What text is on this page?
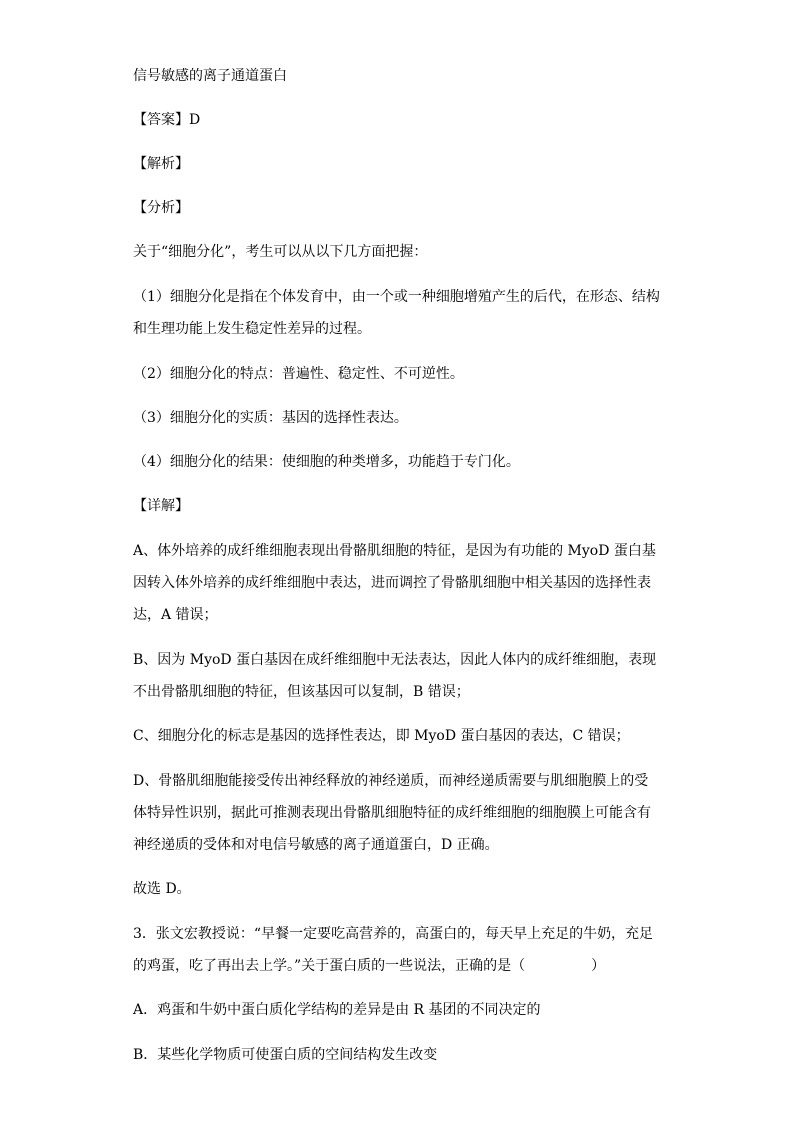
信号敏感的离子通道蛋白
【答案】D
【解析】
【分析】
关于“细胞分化”，考生可以从以下几方面把握：
（1）细胞分化是指在个体发育中，由一个或一种细胞增殖产生的后代，在形态、结构
和生理功能上发生稳定性差异的过程。
（2）细胞分化的特点：普遍性、稳定性、不可逆性。
（3）细胞分化的实质：基因的选择性表达。
（4）细胞分化的结果：使细胞的种类增多，功能趋于专门化。
【详解】
A、体外培养的成纤维细胞表现出骨骼肌细胞的特征，是因为有功能的 MyoD 蛋白基
因转入体外培养的成纤维细胞中表达，进而调控了骨骼肌细胞中相关基因的选择性表
达，A 错误；
B、因为 MyoD 蛋白基因在成纤维细胞中无法表达，因此人体内的成纤维细胞，表现
不出骨骼肌细胞的特征，但该基因可以复制，B 错误；
C、细胞分化的标志是基因的选择性表达，即 MyoD 蛋白基因的表达，C 错误；
D、骨骼肌细胞能接受传出神经释放的神经递质，而神经递质需要与肌细胞膜上的受
体特异性识别，据此可推测表现出骨骼肌细胞特征的成纤维细胞的细胞膜上可能含有
神经递质的受体和对电信号敏感的离子通道蛋白，D 正确。
故选 D。
3．张文宏教授说：“早餐一定要吃高营养的，高蛋白的，每天早上充足的牛奶，充足
的鸡蛋，吃了再出去上学。”关于蛋白质的一些说法，正确的是（	）
A．鸡蛋和牛奶中蛋白质化学结构的差异是由 R 基团的不同决定的
B．某些化学物质可使蛋白质的空间结构发生改变
